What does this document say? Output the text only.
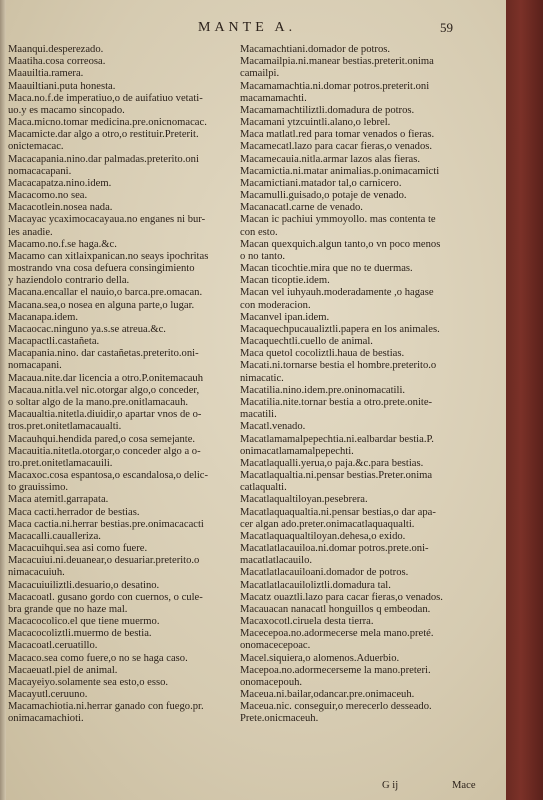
MANTE A.	59
Maanqui.desperezado.
Maatiha.cosa correosa.
Maauiltia.ramera.
Maauiltiani.puta honesta.
Maca.no.f.de imperatiuo,o de auifatiuo vetati-
uo.y es macamo sincopado.
Maca.micno.tomar medicina.pre.onicnomacac.
Macamicte.dar algo a otro,o restituir.Preterit.
onictemacac.
Macacapania.nino.dar palmadas.preterito.oni
nomacacapani.
Macacapatza.nino.idem.
Macacomo.no sea.
Macacotlein.nosea nada.
Macayac ycaximocacayaua.no enganes ni bur-
les anadie.
Macamo.no.f.se haga.&c.
Macamo can xitlaixpanican.no seays ipochritas
mostrando vna cosa defuera consingimiento
y haziendolo contrario della.
Macana.encallar el nauio,o barca.pre.omacan.
Macana.sea,o nosea en alguna parte,o lugar.
Macanapa.idem.
Macaocac.ninguno ya.s.se atreua.&c.
Macapactli.castañeta.
Macapania.nino. dar castañetas.preterito.oni-
nomacapani.
Macaua.nite.dar licencia a otro.P.onitemacauh
Macaua.nitla.vel nic.otorgar algo,o conceder,
o soltar algo de la mano.pre.onitlamacauh.
Macaualtia.nitetla.diuidir,o apartar vnos de o-
tros.pret.onitetlamacaualti.
Macauhqui.hendida pared,o cosa semejante.
Macauitia.nitetla.otorgar,o conceder algo a o-
tro.pret.onitetlamacauili.
Macaxoc.cosa espantosa,o escandalosa,o delic-
to grauissimo.
Maca atemitl.garrapata.
Maca cacti.herrador de bestias.
Maca cactia.ni.herrar bestias.pre.onimacacacti
Macacalli.caualleriza.
Macacuihqui.sea asi como fuere.
Macacuiui.ni.deuanear,o desuariar.preterito.o
nimacacuiuh.
Macacuiuiliztli.desuario,o desatino.
Macacoatl. gusano gordo con cuernos, o cule-
bra grande que no haze mal.
Macacocolico.el que tiene muermo.
Macacocoliztli.muermo de bestia.
Macacoatl.ceruatillo.
Macaco.sea como fuere,o no se haga caso.
Macaeuatl.piel de animal.
Macayeiyo.solamente sea esto,o esso.
Macayutl.ceruuno.
Macamachiotia.ni.herrar ganado con fuego.pr.
onimacamachioti.
Macamachtiani.domador de potros.
Macamailpia.ni.manear bestias.preterit.onima
camailpi.
Macamamachtia.ni.domar potros.preterit.oni
macamamachti.
Macamamachtiliztli.domadura de potros.
Macamani ytzcuintli.alano,o lebrel.
Maca matlatl.red para tomar venados o fieras.
Macamecatl.lazo para cacar fieras,o venados.
Macamecauia.nitla.armar lazos alas fieras.
Macamictia.ni.matar animalias.p.onimacamicti
Macamictiani.matador tal,o carnicero.
Macamulli.guisado,o potaje de venado.
Macanacatl.carne de venado.
Macan ic pachiui ymmoyollo. mas contenta te
con esto.
Macan quexquich.algun tanto,o vn poco menos
o no tanto.
Macan ticochtie.mira que no te duermas.
Macan ticoptie.idem.
Macan vel iuhyauh.moderadamente ,o hagase
con moderacion.
Macanvel ipan.idem.
Macaquechpucaualiztli.papera en los animales.
Macaquechtli.cuello de animal.
Maca quetol cocoliztli.haua de bestias.
Macati.ni.tornarse bestia el hombre.preterito.o
nimacatic.
Macatilia.nino.idem.pre.oninomacatili.
Macatilia.nite.tornar bestia a otro.prete.onite-
macatili.
Macatl.venado.
Macatlamamalpepechtia.ni.ealbardar bestia.P.
onimacatlamamalpepechti.
Macatlaqualli.yerua,o paja.&c.para bestias.
Macatlaqualtia.ni.pensar bestias.Preter.onima
catlaqualti.
Macatlaqualtiloyan.pesebrera.
Macatlaquaqualtia.ni.pensar bestias,o dar apa-
cer algan ado.preter.onimacatlaquaqualti.
Macatlaquaqualtiloyan.dehesa,o exido.
Macatlatlacauiloa.ni.domar potros.prete.oni-
macatlatlacauilo.
Macatlatlacauiloani.domador de potros.
Macatlatlacauiloliztli.domadura tal.
Macatz ouaztli.lazo para cacar fieras,o venados.
Macauacan nanacatl honguillos q embeodan.
Macaxocotl.ciruela desta tierra.
Macecepoa.no.adormecerse mela mano.preté.
onomacecepoac.
Macel.siquiera,o alomenos.Aduerbio.
Macepoa.no.adormecerseme la mano.preteri.
onomacepouh.
Maceua.ni.bailar,odancar.pre.onimaceuh.
Maceua.nic. conseguir,o merecerlo desseado.
Prete.onicmaceuh.
G ij	Mace
